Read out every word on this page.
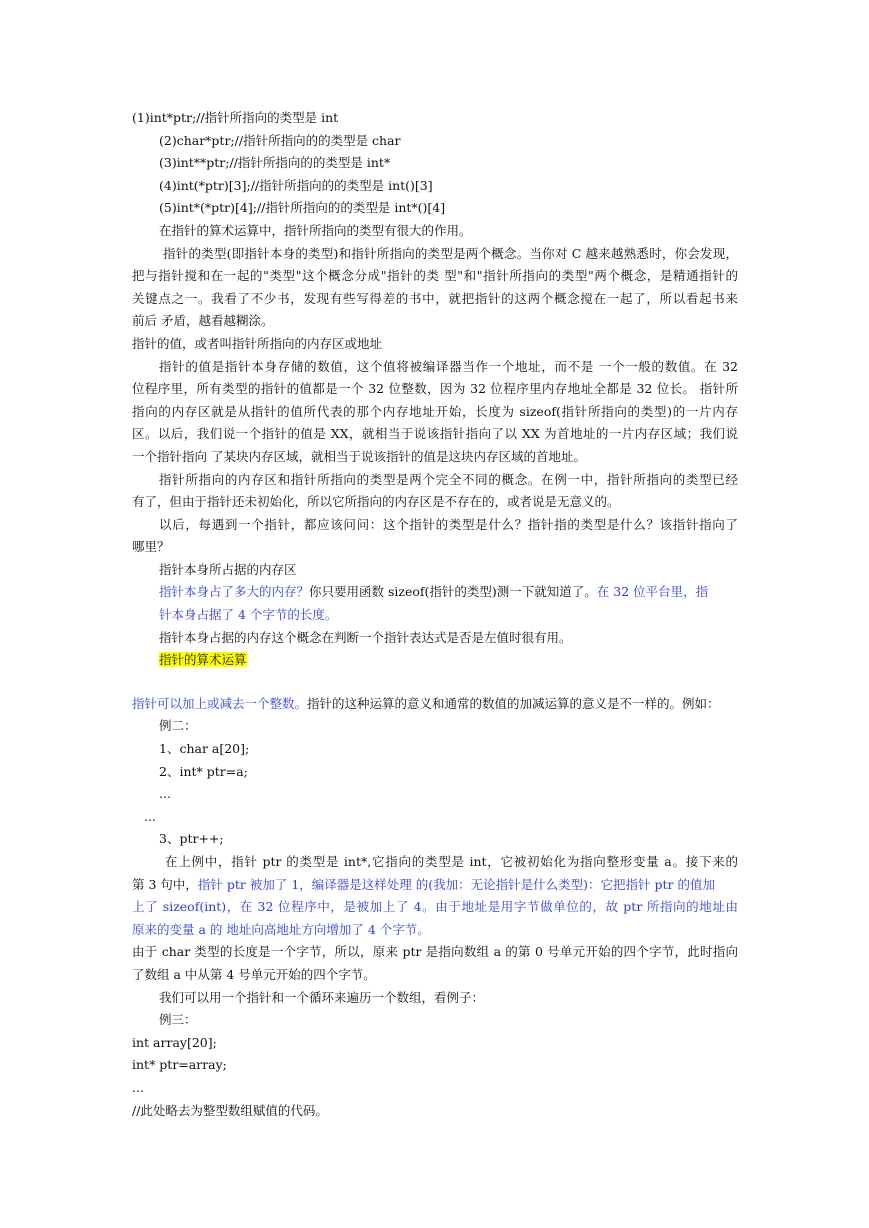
(1)int*ptr;//指针所指向的类型是 int
(2)char*ptr;//指针所指向的的类型是 char
(3)int**ptr;//指针所指向的的类型是 int*
(4)int(*ptr)[3];//指针所指向的的类型是 int()[3]
(5)int*(*ptr)[4];//指针所指向的的类型是 int*()[4]
在指针的算术运算中，指针所指向的类型有很大的作用。
指针的类型(即指针本身的类型)和指针所指向的类型是两个概念。当你对 C 越来越熟悉时，你会发现，
把与指针搅和在一起的"类型"这个概念分成"指针的类 型"和"指针所指向的类型"两个概念，是精通指针的
关键点之一。我看了不少书，发现有些写得差的书中，就把指针的这两个概念搅在一起了，所以看起书来
前后 矛盾，越看越糊涂。
指针的值，或者叫指针所指向的内存区或地址
指针的值是指针本身存储的数值，这个值将被编译器当作一个地址，而不是 一个一般的数值。在 32
位程序里，所有类型的指针的值都是一个 32 位整数，因为 32 位程序里内存地址全都是 32 位长。 指针所
指向的内存区就是从指针的值所代表的那个内存地址开始，长度为 sizeof(指针所指向的类型)的一片内存
区。以后，我们说一个指针的值是 XX，就相当于说该指针指向了以 XX 为首地址的一片内存区域；我们说
一个指针指向 了某块内存区域，就相当于说该指针的值是这块内存区域的首地址。
指针所指向的内存区和指针所指向的类型是两个完全不同的概念。在例一中，指针所指向的类型已经
有了，但由于指针还未初始化，所以它所指向的内存区是不存在的，或者说是无意义的。
以后，每遇到一个指针，都应该问问：这个指针的类型是什么？指针指的类型是什么？该指针指向了
哪里？
指针本身所占据的内存区
指针本身占了多大的内存？你只要用函数 sizeof(指针的类型)测一下就知道了。在 32 位平台里，指
针本身占据了 4 个字节的长度。
指针本身占据的内存这个概念在判断一个指针表达式是否是左值时很有用。
指针的算术运算
指针可以加上或减去一个整数。指针的这种运算的意义和通常的数值的加减运算的意义是不一样的。例如：
例二：
1、char a[20];
2、int* ptr=a;
...
...
3、ptr++;
在上例中，指针 ptr 的类型是 int*,它指向的类型是 int，它被初始化为指向整形变量 a。接下来的
第 3 句中，指针 ptr 被加了 1，编译器是这样处理 的(我加：无论指针是什么类型)：它把指针 ptr 的值加
上了 sizeof(int)，在 32 位程序中，是被加上了 4。由于地址是用字节做单位的，故 ptr 所指向的地址由
原来的变量 a 的 地址向高地址方向增加了 4 个字节。
由于 char 类型的长度是一个字节，所以，原来 ptr 是指向数组 a 的第 0 号单元开始的四个字节，此时指向
了数组 a 中从第 4 号单元开始的四个字节。
我们可以用一个指针和一个循环来遍历一个数组，看例子：
例三：
int array[20];
int* ptr=array;
...
//此处略去为整型数组赋值的代码。
